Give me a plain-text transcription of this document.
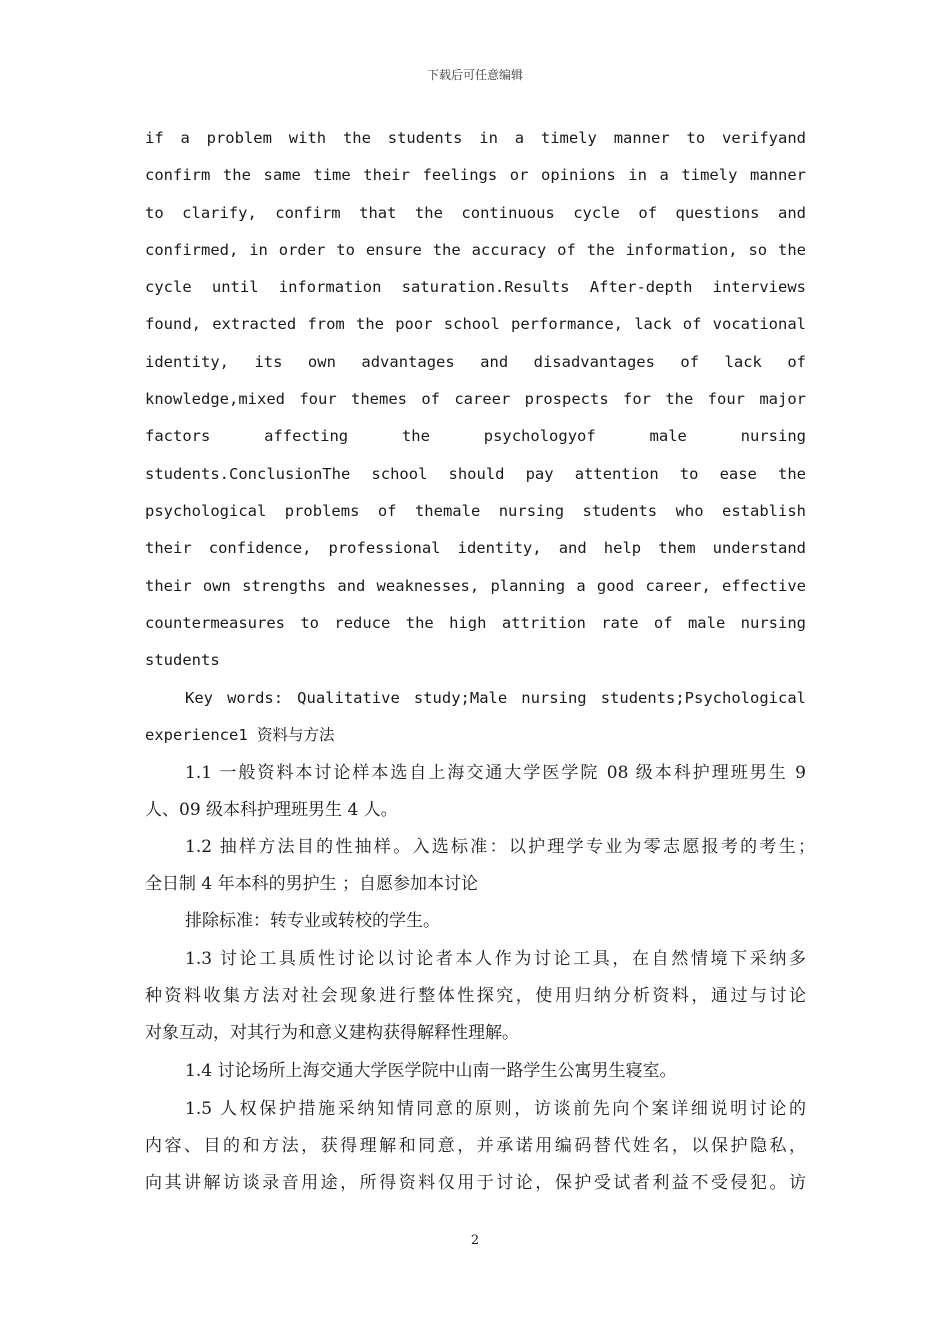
下载后可任意编辑
if a problem with the students in a timely manner to verifyand
confirm the same time their feelings or opinions in a timely manner
to clarify, confirm that the continuous cycle of questions and
confirmed, in order to ensure the accuracy of the information, so the
cycle until information saturation.Results After-depth interviews
found, extracted from the poor school performance, lack of vocational
identity, its own advantages and disadvantages of lack of
knowledge,mixed four themes of career prospects for the four major
factors affecting the psychologyof male nursing
students.ConclusionThe school should pay attention to ease the
psychological problems of themale nursing students who establish
their confidence, professional identity, and help them understand
their own strengths and weaknesses, planning a good career, effective
countermeasures to reduce the high attrition rate of male nursing
students
Key words: Qualitative study;Male nursing students;Psychological
experience1 资料与方法
1.1 一般资料本讨论样本选自上海交通大学医学院 08 级本科护理班男生 9
人、09 级本科护理班男生 4 人。
1.2 抽样方法目的性抽样。入选标准：以护理学专业为零志愿报考的考生；
全日制 4 年本科的男护生 ；自愿参加本讨论
排除标准：转专业或转校的学生。
1.3 讨论工具质性讨论以讨论者本人作为讨论工具，在自然情境下采纳多
种资料收集方法对社会现象进行整体性探究，使用归纳分析资料，通过与讨论
对象互动，对其行为和意义建构获得解释性理解。
1.4 讨论场所上海交通大学医学院中山南一路学生公寓男生寝室。
1.5 人权保护措施采纳知情同意的原则，访谈前先向个案详细说明讨论的
内容、目的和方法，获得理解和同意，并承诺用编码替代姓名，以保护隐私，
向其讲解访谈录音用途，所得资料仅用于讨论，保护受试者利益不受侵犯。访
2
